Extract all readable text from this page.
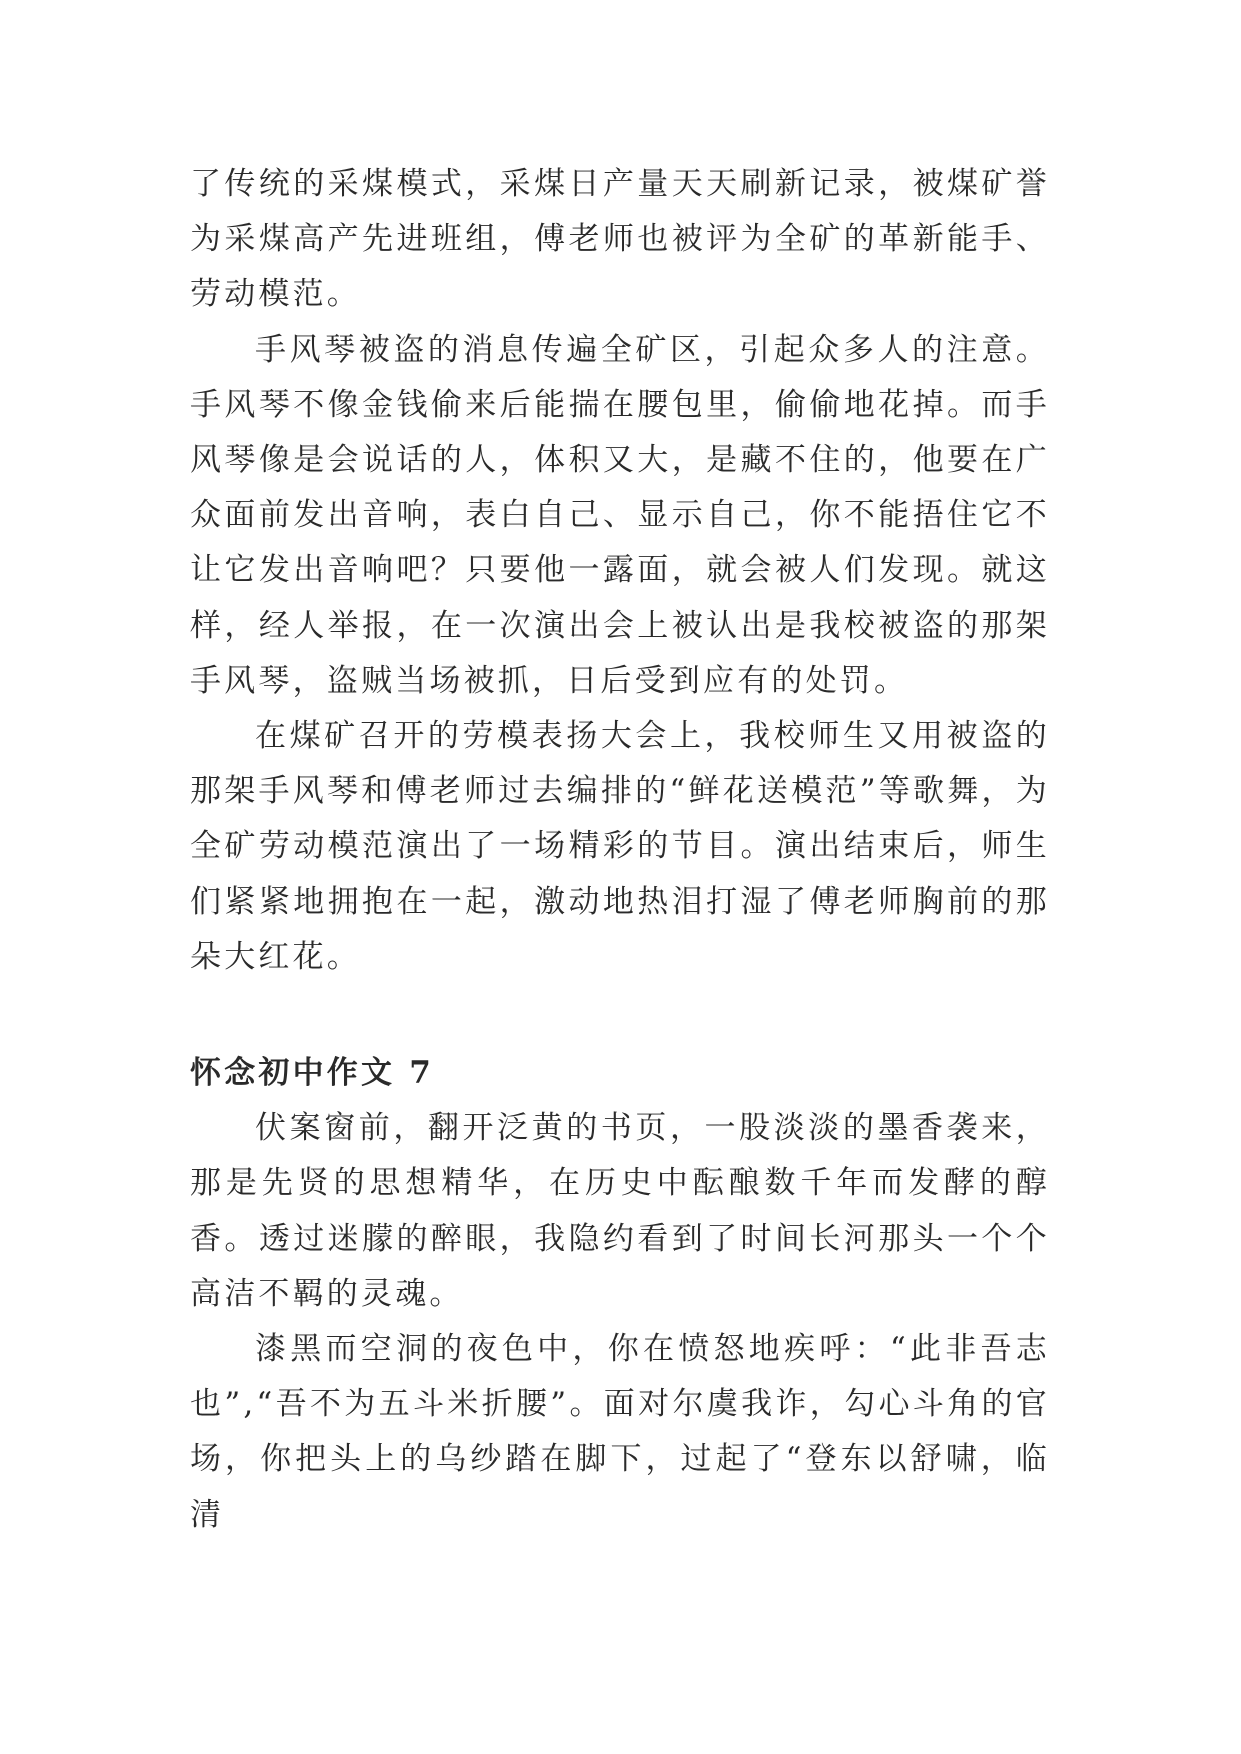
了传统的采煤模式，采煤日产量天天刷新记录，被煤矿誉为采煤高产先进班组，傅老师也被评为全矿的革新能手、劳动模范。

手风琴被盗的消息传遍全矿区，引起众多人的注意。手风琴不像金钱偷来后能揣在腰包里，偷偷地花掉。而手风琴像是会说话的人，体积又大，是藏不住的，他要在广众面前发出音响，表白自己、显示自己，你不能捂住它不让它发出音响吧？只要他一露面，就会被人们发现。就这样，经人举报，在一次演出会上被认出是我校被盗的那架手风琴，盗贼当场被抓，日后受到应有的处罚。

在煤矿召开的劳模表扬大会上，我校师生又用被盗的那架手风琴和傅老师过去编排的“鲜花送模范”等歌舞，为全矿劳动模范演出了一场精彩的节目。演出结束后，师生们紧紧地拥抱在一起，激动地热泪打湿了傅老师胸前的那朵大红花。

怀念初中作文 7

伏案窗前，翻开泛黄的书页，一股淡淡的墨香袭来，那是先贤的思想精华，在历史中酝酿数千年而发酵的醇香。透过迷朦的醉眼，我隐约看到了时间长河那头一个个高洁不羁的灵魂。

漆黑而空洞的夜色中，你在愤怒地疾呼：“此非吾志也”,“吾不为五斗米折腰”。面对尔虞我诈，勾心斗角的官场，你把头上的乌纱踏在脚下，过起了“登东以舒啸，临清
